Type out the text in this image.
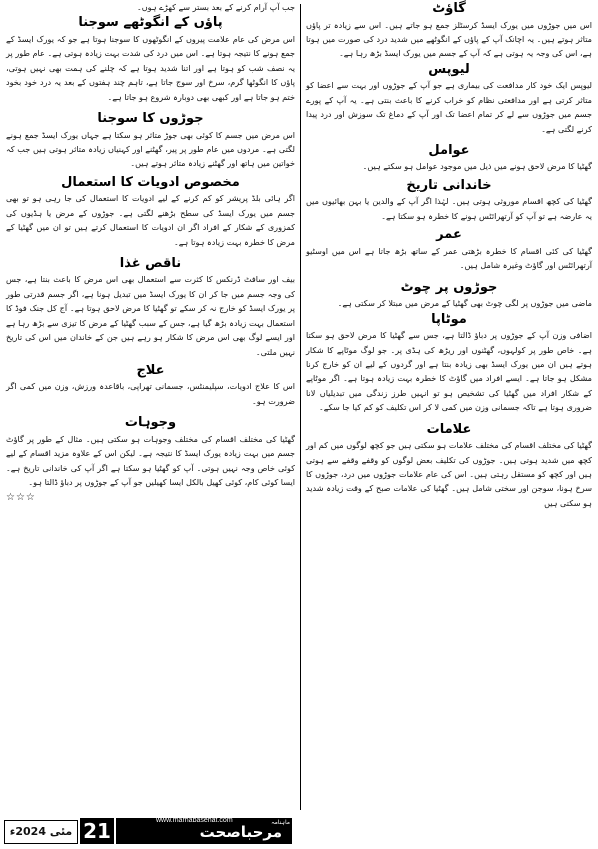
گاؤٹ

اس میں جوڑوں میں یورک ایسڈ کرسٹلز جمع ہو جاتے ہیں۔ اس سے زیادہ تر پاؤں متاثر ہوتے ہیں۔ یہ اچانک آپ کے پاؤں کے انگوٹھے میں شدید درد کی صورت میں ہوتا ہے، اس کی وجہ یہ ہوتی ہے کہ آپ کے جسم میں یورک ایسڈ بڑھ رہا ہے۔

لیوپس

لیوپس ایک خود کار مدافعت کی بیماری ہے جو آپ کے جوڑوں اور بہت سے اعضا کو متاثر کرتی ہے اور مدافعتی نظام کو خراب کرنے کا باعث بنتی ہے۔ یہ آپ کے پورے جسم میں جوڑوں سے لے کر تمام اعضا تک اور آپ کے دماغ تک سوزش اور درد پیدا کرنے لگتی ہے۔

عوامل

گھٹیا کا مرض لاحق ہونے میں ذیل میں موجود عوامل ہو سکتے ہیں۔

خاندانی تاریخ

گھٹیا کی کچھ اقسام موروثی ہوتی ہیں۔ لہٰذا اگر آپ کے والدین یا بہن بھائیوں میں یہ عارضہ ہے تو آپ کو آرتھرائٹس ہونے کا خطرہ ہو سکتا ہے۔

عمر

گھٹیا کی کئی اقسام کا خطرہ بڑھتی عمر کے ساتھ بڑھ جاتا ہے اس میں اوسٹیو آرتھرائٹس اور گاؤٹ وغیرہ شامل ہیں۔

جوڑوں پر چوٹ

ماضی میں جوڑوں پر لگی چوٹ بھی گھٹیا کے مرض میں مبتلا کر سکتی ہے۔

موٹاپا

اضافی وزن آپ کے جوڑوں پر دباؤ ڈالتا ہے، جس سے گھٹیا کا مرض لاحق ہو سکتا ہے۔ خاص طور پر کولہوں، گھٹنوں اور ریڑھ کی ہڈی پر۔ جو لوگ موٹاپے کا شکار ہوتے ہیں ان میں یورک ایسڈ بھی زیادہ بنتا ہے اور گردوں کے لیے ان کو خارج کرنا مشکل ہو جاتا ہے۔ ایسے افراد میں گاؤٹ کا خطرہ بہت زیادہ ہوتا ہے۔ اگر موٹاپے کے شکار افراد میں گھٹیا کی تشخیص ہو تو انہیں طرز زندگی میں تبدیلیاں لانا ضروری ہوتا ہے تاکہ جسمانی وزن میں کمی لا کر اس تکلیف کو کم کیا جا سکے۔

علامات

گھٹیا کی مختلف اقسام کی مختلف علامات ہو سکتی ہیں جو کچھ لوگوں میں کم اور کچھ میں شدید ہوتی ہیں۔ جوڑوں کی تکلیف بعض لوگوں کو وقفے وقفے سے ہوتی ہیں اور کچھ کو مستقل رہتی ہیں۔ اس کی عام علامات جوڑوں میں درد، جوڑوں کا سرخ ہونا، سوجن اور سختی شامل ہیں۔ گھٹیا کی علامات صبح کے وقت زیادہ شدید ہو سکتی ہیں

جب آپ آرام کرنے کے بعد بستر سے کھڑے ہوں۔

پاؤں کے انگوٹھے سوجنا

اس مرض کی عام علامت پیروں کے انگوٹھوں کا سوجنا ہوتا ہے جو کہ یورک ایسڈ کے جمع ہونے کا نتیجہ ہوتا ہے۔ اس میں درد کی شدت بہت زیادہ ہوتی ہے۔ عام طور پر یہ نصف شب کو ہوتا ہے اور اتنا شدید ہوتا ہے کہ چلنے کی ہمت بھی نہیں ہوتی، پاؤں کا انگوٹھا گرم، سرخ اور سوج جاتا ہے، تاہم چند ہفتوں کے بعد یہ درد خود بخود ختم ہو جاتا ہے اور کبھی بھی دوبارہ شروع ہو جاتا ہے۔

جوڑوں کا سوجنا

اس مرض میں جسم کا کوئی بھی جوڑ متاثر ہو سکتا ہے جہاں یورک ایسڈ جمع ہونے لگتی ہے۔ مردوں میں عام طور پر پیر، گھٹنے اور کہنیاں زیادہ متاثر ہوتی ہیں جب کہ خواتین میں ہاتھ اور گھٹنے زیادہ متاثر ہوتے ہیں۔

مخصوص ادویات کا استعمال

اگر ہائی بلڈ پریشر کو کم کرنے کے لیے ادویات کا استعمال کی جا رہی ہو تو بھی جسم میں یورک ایسڈ کی سطح بڑھنے لگتی ہے۔ جوڑوں کے مرض یا ہڈیوں کی کمزوری کے شکار کے افراد اگر ان ادویات کا استعمال کرتے ہیں تو ان میں گھٹیا کے مرض کا خطرہ بہت زیادہ ہوتا ہے۔

ناقص غذا

بیف اور سافٹ ڈرنکس کا کثرت سے استعمال بھی اس مرض کا باعث بنتا ہے، جس کی وجہ جسم میں جا کر ان کا یورک ایسڈ میں تبدیل ہونا ہے، اگر جسم قدرتی طور پر یورک ایسڈ کو خارج نہ کر سکے تو گھٹیا کا مرض لاحق ہوتا ہے۔ آج کل جنک فوڈ کا استعمال بہت زیادہ بڑھ گیا ہے، جس کے سبب گھٹیا کے مرض کا تیزی سے بڑھ رہا ہے اور ایسے لوگ بھی اس مرض کا شکار ہو رہے ہیں جن کے خاندان میں اس کی تاریخ نہیں ملتی۔

علاج

اس کا علاج ادویات، سپلیمنٹس، جسمانی تھراپی، باقاعدہ ورزش، وزن میں کمی اگر ضرورت ہو۔

وجوہات

گھٹیا کی مختلف اقسام کی مختلف وجوہات ہو سکتی ہیں۔ مثال کے طور پر گاؤٹ جسم میں بہت زیادہ یورک ایسڈ کا نتیجہ ہے۔ لیکن اس کے علاوہ مزید اقسام کے لیے کوئی خاص وجہ نہیں ہوتی۔ آپ کو گھٹیا ہو سکتا ہے اگر آپ کی خاندانی تاریخ ہے۔ ایسا کوئی کام، کوئی کھیل بالکل ایسا کھیلیں جو آپ کے جوڑوں پر دباؤ ڈالتا ہو۔

☆☆☆

مئی 2024ء 21	www.marhabasehat.com	ماہنامہ
مرحباصحت
